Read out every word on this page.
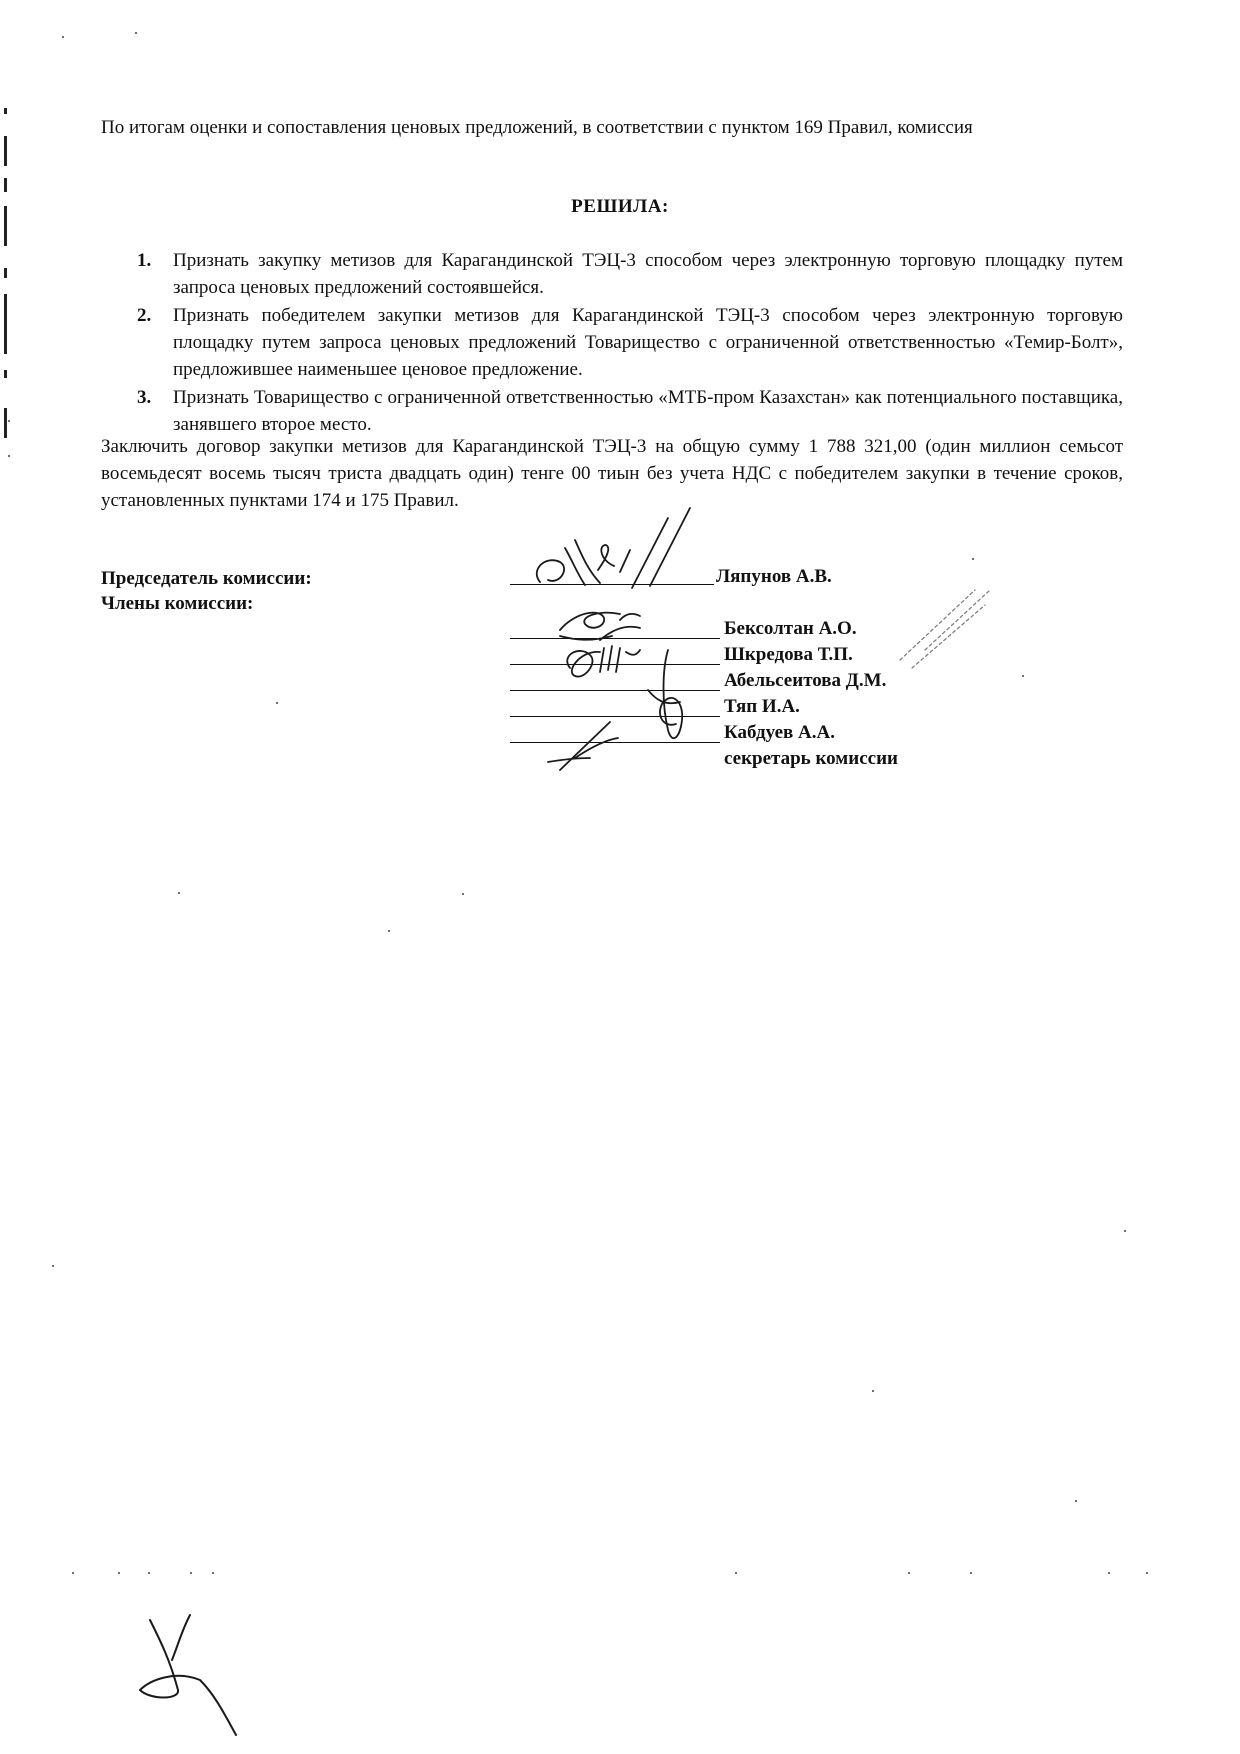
По итогам оценки и сопоставления ценовых предложений, в соответствии с пунктом 169 Правил, комиссия
РЕШИЛА:
1. Признать закупку метизов для Карагандинской ТЭЦ-3 способом через электронную торговую площадку путем запроса ценовых предложений состоявшейся.
2. Признать победителем закупки метизов для Карагандинской ТЭЦ-3 способом через электронную торговую площадку путем запроса ценовых предложений Товарищество с ограниченной ответственностью «Темир-Болт», предложившее наименьшее ценовое предложение.
3. Признать Товарищество с ограниченной ответственностью «МТБ-пром Казахстан» как потенциального поставщика, занявшего второе место.
Заключить договор закупки метизов для Карагандинской ТЭЦ-3 на общую сумму 1 788 321,00 (один миллион семьсот восемьдесят восемь тысяч триста двадцать один) тенге 00 тиын без учета НДС с победителем закупки в течение сроков, установленных пунктами 174 и 175 Правил.
Председатель комиссии:
Члены комиссии:
Ляпунов А.В.
Бексолтан А.О.
Шкредова Т.П.
Абельсеитова Д.М.
Тяп И.А.
Кабдуев А.А.
секретарь комиссии
